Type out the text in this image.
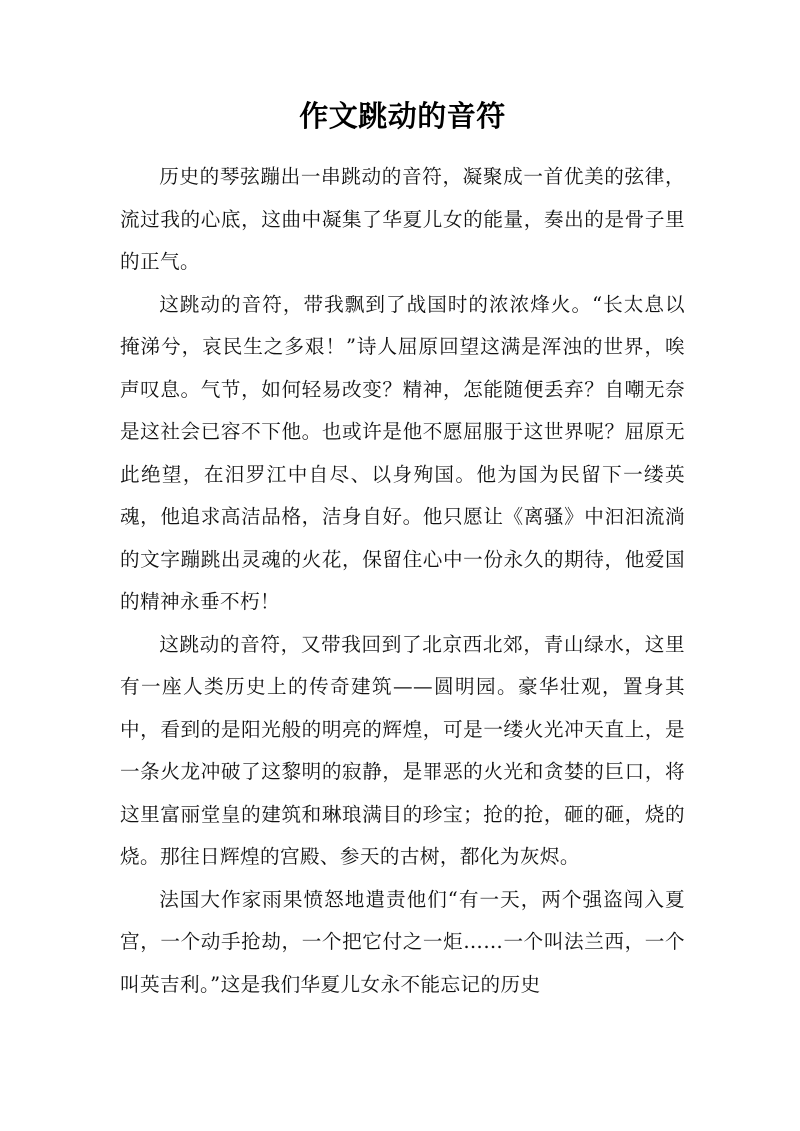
作文跳动的音符

历史的琴弦蹦出一串跳动的音符，凝聚成一首优美的弦律，流过我的心底，这曲中凝集了华夏儿女的能量，奏出的是骨子里的正气。

这跳动的音符，带我飘到了战国时的浓浓烽火。“长太息以掩涕兮，哀民生之多艰！”诗人屈原回望这满是浑浊的世界，唉声叹息。气节，如何轻易改变？精神，怎能随便丢弃？自嘲无奈是这社会已容不下他。也或许是他不愿屈服于这世界呢？屈原无此绝望，在汨罗江中自尽、以身殉国。他为国为民留下一缕英魂，他追求高洁品格，洁身自好。他只愿让《离骚》中汩汩流淌的文字蹦跳出灵魂的火花，保留住心中一份永久的期待，他爱国的精神永垂不朽！

这跳动的音符，又带我回到了北京西北郊，青山绿水，这里有一座人类历史上的传奇建筑——圆明园。豪华壮观，置身其中，看到的是阳光般的明亮的辉煌，可是一缕火光冲天直上，是一条火龙冲破了这黎明的寂静，是罪恶的火光和贪婪的巨口，将这里富丽堂皇的建筑和琳琅满目的珍宝；抢的抢，砸的砸，烧的烧。那往日辉煌的宫殿、参天的古树，都化为灰烬。

法国大作家雨果愤怒地遣责他们“有一天，两个强盗闯入夏宫，一个动手抢劫，一个把它付之一炬……一个叫法兰西，一个叫英吉利。”这是我们华夏儿女永不能忘记的历史
